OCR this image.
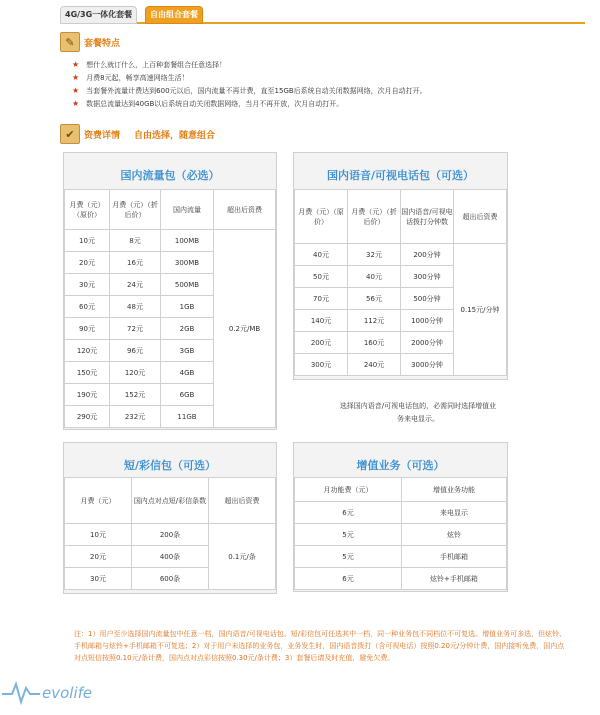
4G/3G一体化套餐	自由组合套餐
✎	套餐特点
★ 想什么就订什么，上百种套餐组合任意选择！
★ 月费8元起，畅享高速网络生活！
★ 当套餐外流量计费达到600元以后，国内流量不再计费，直至15GB后系统自动关闭数据网络，次月自动打开。
★ 数据总流量达到40GB以后系统自动关闭数据网络，当月不再开放，次月自动打开。
✔	资费详情 自由选择，随意组合
国内流量包（必选）
月费（元）（原价）	月费（元）（折后价）	国内流量	超出后资费
10元	8元	100MB	0.2元/MB
20元	16元	300MB	
30元	24元	500MB	
60元	48元	1GB	
90元	72元	2GB	
120元	96元	3GB	
150元	120元	4GB	
190元	152元	6GB	
290元	232元	11GB	
国内语音/可视电话包（可选）
月费（元）（原价）	月费（元）（折后价）	国内语音/可视电话拨打分钟数	超出后资费
40元	32元	200分钟	0.15元/分钟
50元	40元	300分钟	
70元	56元	500分钟	
140元	112元	1000分钟	
200元	160元	2000分钟	
300元	240元	3000分钟	
选择国内语音/可视电话包的，必需同时选择增值业务来电显示。
短/彩信包（可选）
月费（元）	国内点对点短/彩信条数	超出后资费
10元	200条	0.1元/条
20元	400条	
30元	600条	
增值业务（可选）
月功能费（元）	增值业务功能
6元	来电显示
5元	炫铃
5元	手机邮箱
6元	炫铃+手机邮箱
注：1）用户至少选择国内流量包中任意一档，国内语音/可视电话包、短/彩信包可任选其中一档，同一种业务包不同档位不可复选。增值业务可多选，但炫铃、手机邮箱与炫铃+手机邮箱不可复选；2）对于用户未选择的业务包，业务发生时，国内语音拨打（含可视电话）按照0.20元/分钟计费，国内接听免费，国内点对点短信按照0.10元/条计费，国内点对点彩信按照0.30元/条计费；3）套餐后请及时充值，避免欠费。
evolife
